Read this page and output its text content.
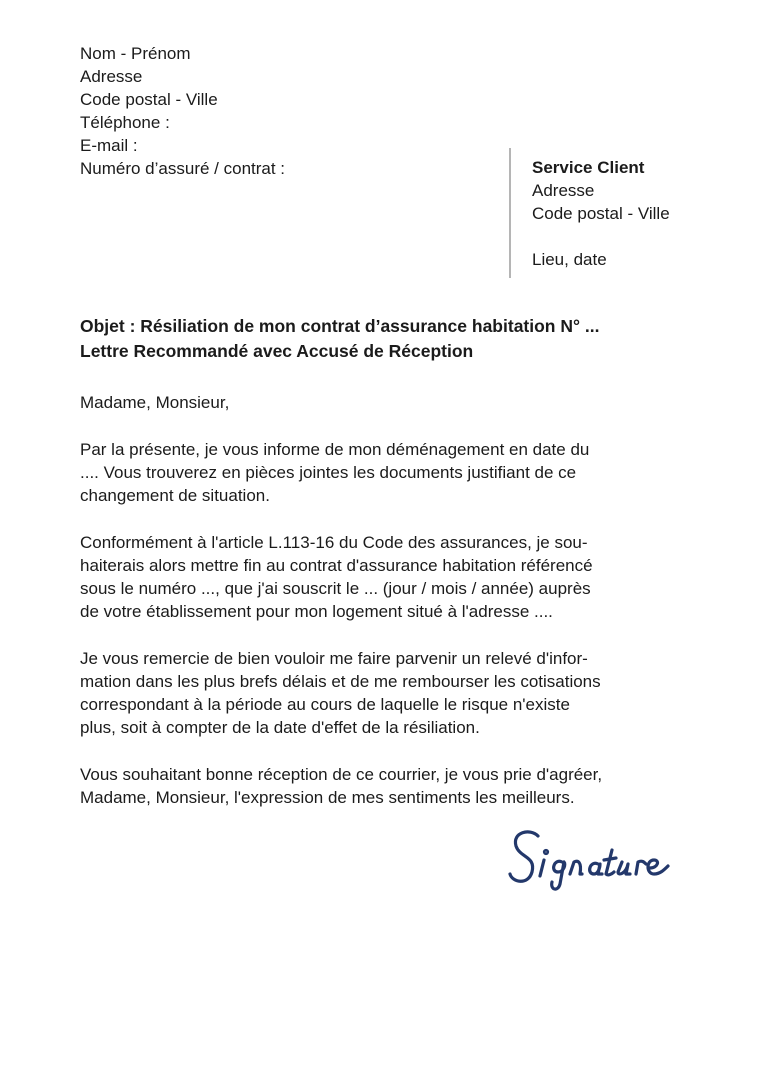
Nom - Prénom
Adresse
Code postal - Ville
Téléphone :
E-mail :
Numéro d’assuré / contrat :	Service Client
Adresse
Code postal - Ville
Lieu, date
Objet : Résiliation de mon contrat d’assurance habitation N° ...
Lettre Recommandé avec Accusé de Réception
Madame, Monsieur,
Par la présente, je vous informe de mon déménagement en date du
.... Vous trouverez en pièces jointes les documents justifiant de ce
changement de situation.
Conformément à l'article L.113-16 du Code des assurances, je sou-
haiterais alors mettre fin au contrat d'assurance habitation référencé
sous le numéro ..., que j'ai souscrit le ... (jour / mois / année) auprès
de votre établissement pour mon logement situé à l'adresse ....
Je vous remercie de bien vouloir me faire parvenir un relevé d'infor-
mation dans les plus brefs délais et de me rembourser les cotisations
correspondant à la période au cours de laquelle le risque n'existe
plus, soit à compter de la date d'effet de la résiliation.
Vous souhaitant bonne réception de ce courrier, je vous prie d'agréer,
Madame, Monsieur, l'expression de mes sentiments les meilleurs.
